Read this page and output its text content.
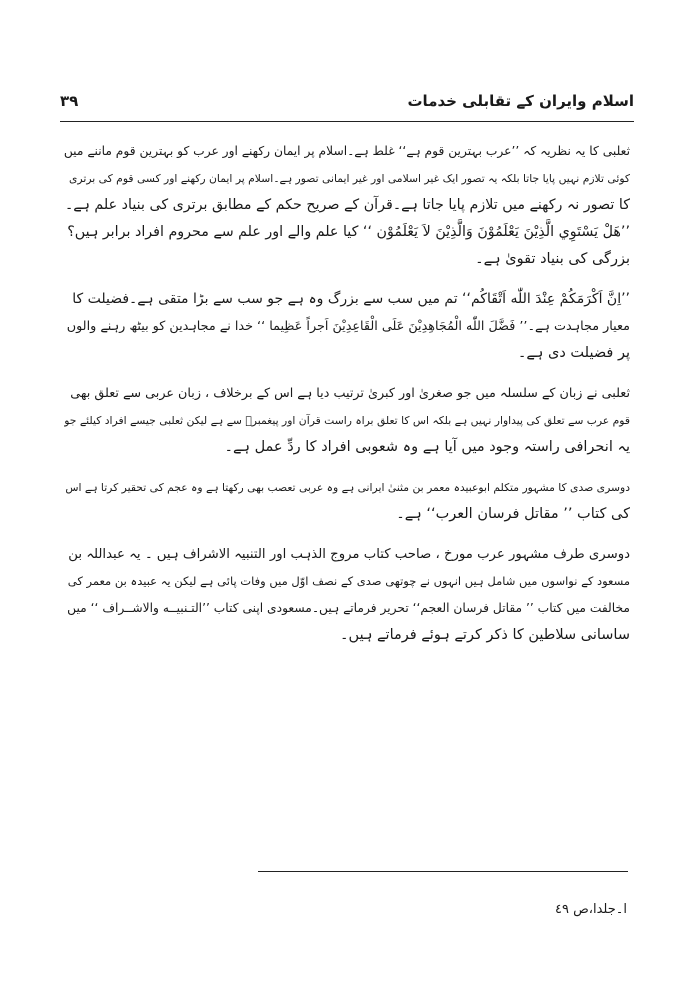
اسلام وایران کے تقابلی خدمات
٣٩
ثعلبی کا یہ نظریہ کہ ’’عرب بہترین قوم ہے‘‘ غلط ہے۔اسلام پر ایمان رکھنے اور عرب کو بہترین قوم ماننے میں
کوئی تلازم نہیں پایا جاتا بلکہ یہ تصور ایک غیر اسلامی اور غیر ایمانی تصور ہے۔اسلام پر ایمان رکھنے اور کسی قوم کی برتری
کا تصور نہ رکھنے میں تلازم پایا جاتا ہے۔قرآن کے صریح حکم کے مطابق برتری کی بنیاد علم ہے۔
’’هَلْ يَسْتَوِي الَّذِيْنَ يَعْلَمُوْنَ وَالَّذِيْنَ لاَ يَعْلَمُوْن ‘‘ کیا علم والے اور علم سے محروم افراد برابر ہیں؟
بزرگی کی بنیاد تقویٰ ہے۔
’’اِنَّ اَكْرَمَكُمْ عِنْدَ اللّٰه اَتْقَاكُم‘‘ تم میں سب سے بزرگ وہ ہے جو سب سے بڑا متقی ہے۔فضیلت کا
معیار مجاہدت ہے۔’’ فَضَّلَ اللّٰه الْمُجَاهِدِيْنَ عَلَى الْقَاعِدِيْنَ اَجراً عَظِيما ‘‘ خدا نے مجاہدین کو بیٹھ رہنے والوں
پر فضیلت دی ہے۔
ثعلبی نے زبان کے سلسلہ میں جو صغریٰ اور کبریٰ ترتیب دیا ہے اس کے برخلاف ، زبان عربی سے تعلق بھی
قوم عرب سے تعلق کی پیداوار نہیں ہے بلکہ اس کا تعلق براہ راست قرآن اور پیغمبرؐ سے ہے لیکن ثعلبی جیسے افراد کیلئے جو
یہ انحرافی راستہ وجود میں آیا ہے وہ شعوبی افراد کا ردِّ عمل ہے۔
دوسری صدی کا مشہور متکلم ابوعبیدہ معمر بن مثنیٰ ایرانی ہے وہ عربی تعصب بھی رکھتا ہے وہ عجم کی تحقیر کرتا ہے اس
کی کتاب ’’ مقاتل فرسان العرب‘‘ ہے۔
دوسری طرف مشہور عرب مورخ ، صاحب کتاب مروج الذہب اور التنبیہ الاشراف ہیں ۔ یہ عبداللہ بن
مسعود کے نواسوں میں شامل ہیں انہوں نے چوتھی صدی کے نصف اوّل میں وفات پائی ہے لیکن یہ عبیدہ بن معمر کی
مخالفت میں کتاب ’’ مقاتل فرسان العجم‘‘ تحریر فرماتے ہیں۔مسعودی اپنی کتاب ’’التـنبيــه والاشــراف ‘‘ میں
ساسانی سلاطین کا ذکر کرتے ہوئے فرماتے ہیں۔
ا۔جلدا،ص ٤٩
